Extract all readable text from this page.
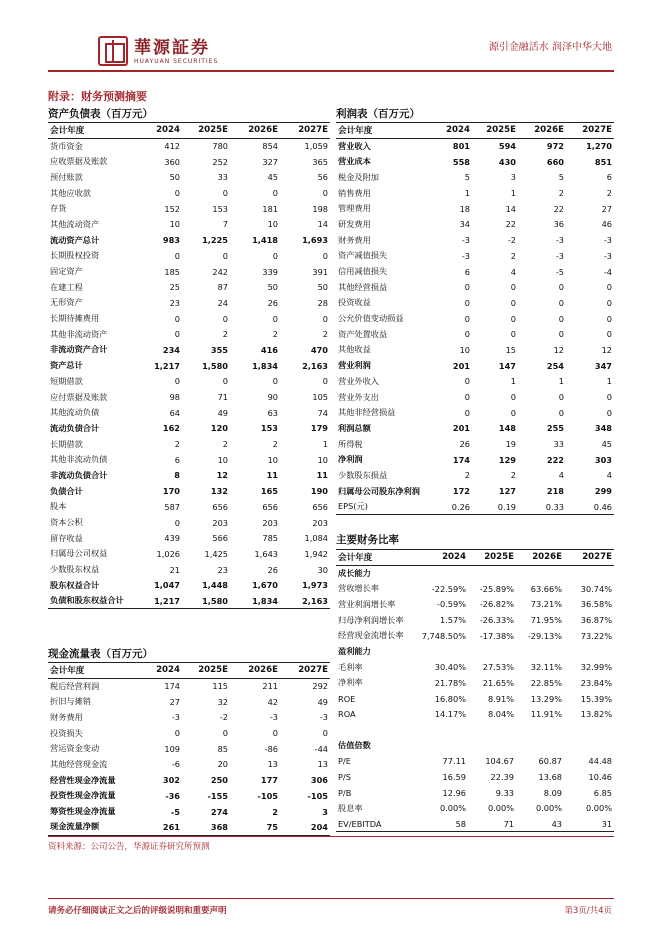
華源証券
HUAYUAN SECURITIES
源引金融活水 润泽中华大地
附录：财务预测摘要
资产负债表（百万元）
会计年度	2024	2025E	2026E	2027E
货币资金	412	780	854	1,059
应收票据及账款	360	252	327	365
预付账款	50	33	45	56
其他应收款	0	0	0	0
存货	152	153	181	198
其他流动资产	10	7	10	14
流动资产总计	983	1,225	1,418	1,693
长期股权投资	0	0	0	0
固定资产	185	242	339	391
在建工程	25	87	50	50
无形资产	23	24	26	28
长期待摊费用	0	0	0	0
其他非流动资产	0	2	2	2
非流动资产合计	234	355	416	470
资产总计	1,217	1,580	1,834	2,163
短期借款	0	0	0	0
应付票据及账款	98	71	90	105
其他流动负债	64	49	63	74
流动负债合计	162	120	153	179
长期借款	2	2	2	1
其他非流动负债	6	10	10	10
非流动负债合计	8	12	11	11
负债合计	170	132	165	190
股本	587	656	656	656
资本公积	0	203	203	203
留存收益	439	566	785	1,084
归属母公司权益	1,026	1,425	1,643	1,942
少数股东权益	21	23	26	30
股东权益合计	1,047	1,448	1,670	1,973
负债和股东权益合计	1,217	1,580	1,834	2,163
利润表（百万元）
会计年度	2024	2025E	2026E	2027E
营业收入	801	594	972	1,270
营业成本	558	430	660	851
税金及附加	5	3	5	6
销售费用	1	1	2	2
管理费用	18	14	22	27
研发费用	34	22	36	46
财务费用	-3	-2	-3	-3
资产减值损失	-3	2	-3	-3
信用减值损失	6	4	-5	-4
其他经营损益	0	0	0	0
投资收益	0	0	0	0
公允价值变动损益	0	0	0	0
资产处置收益	0	0	0	0
其他收益	10	15	12	12
营业利润	201	147	254	347
营业外收入	0	1	1	1
营业外支出	0	0	0	0
其他非经营损益	0	0	0	0
利润总额	201	148	255	348
所得税	26	19	33	45
净利润	174	129	222	303
少数股东损益	2	2	4	4
归属母公司股东净利润	172	127	218	299
EPS(元)	0.26	0.19	0.33	0.46
主要财务比率
会计年度	2024	2025E	2026E	2027E
成长能力				
营收增长率	-22.59%	-25.89%	63.66%	30.74%
营业利润增长率	-0.59%	-26.82%	73.21%	36.58%
归母净利润增长率	1.57%	-26.33%	71.95%	36.87%
经营现金流增长率	7,748.50%	-17.38%	-29.13%	73.22%
盈利能力				
毛利率	30.40%	27.53%	32.11%	32.99%
净利率	21.78%	21.65%	22.85%	23.84%
ROE	16.80%	8.91%	13.29%	15.39%
ROA	14.17%	8.04%	11.91%	13.82%

估值倍数				
P/E	77.11	104.67	60.87	44.48
P/S	16.59	22.39	13.68	10.46
P/B	12.96	9.33	8.09	6.85
股息率	0.00%	0.00%	0.00%	0.00%
EV/EBITDA	58	71	43	31
现金流量表（百万元）
会计年度	2024	2025E	2026E	2027E
税后经营利润	174	115	211	292
折旧与摊销	27	32	42	49
财务费用	-3	-2	-3	-3
投资损失	0	0	0	0
营运资金变动	109	85	-86	-44
其他经营现金流	-6	20	13	13
经营性现金净流量	302	250	177	306
投资性现金净流量	-36	-155	-105	-105
筹资性现金净流量	-5	274	2	3
现金流量净额	261	368	75	204
资料来源：公司公告，华源证券研究所预测
请务必仔细阅读正文之后的评级说明和重要声明	第3页/共4页
